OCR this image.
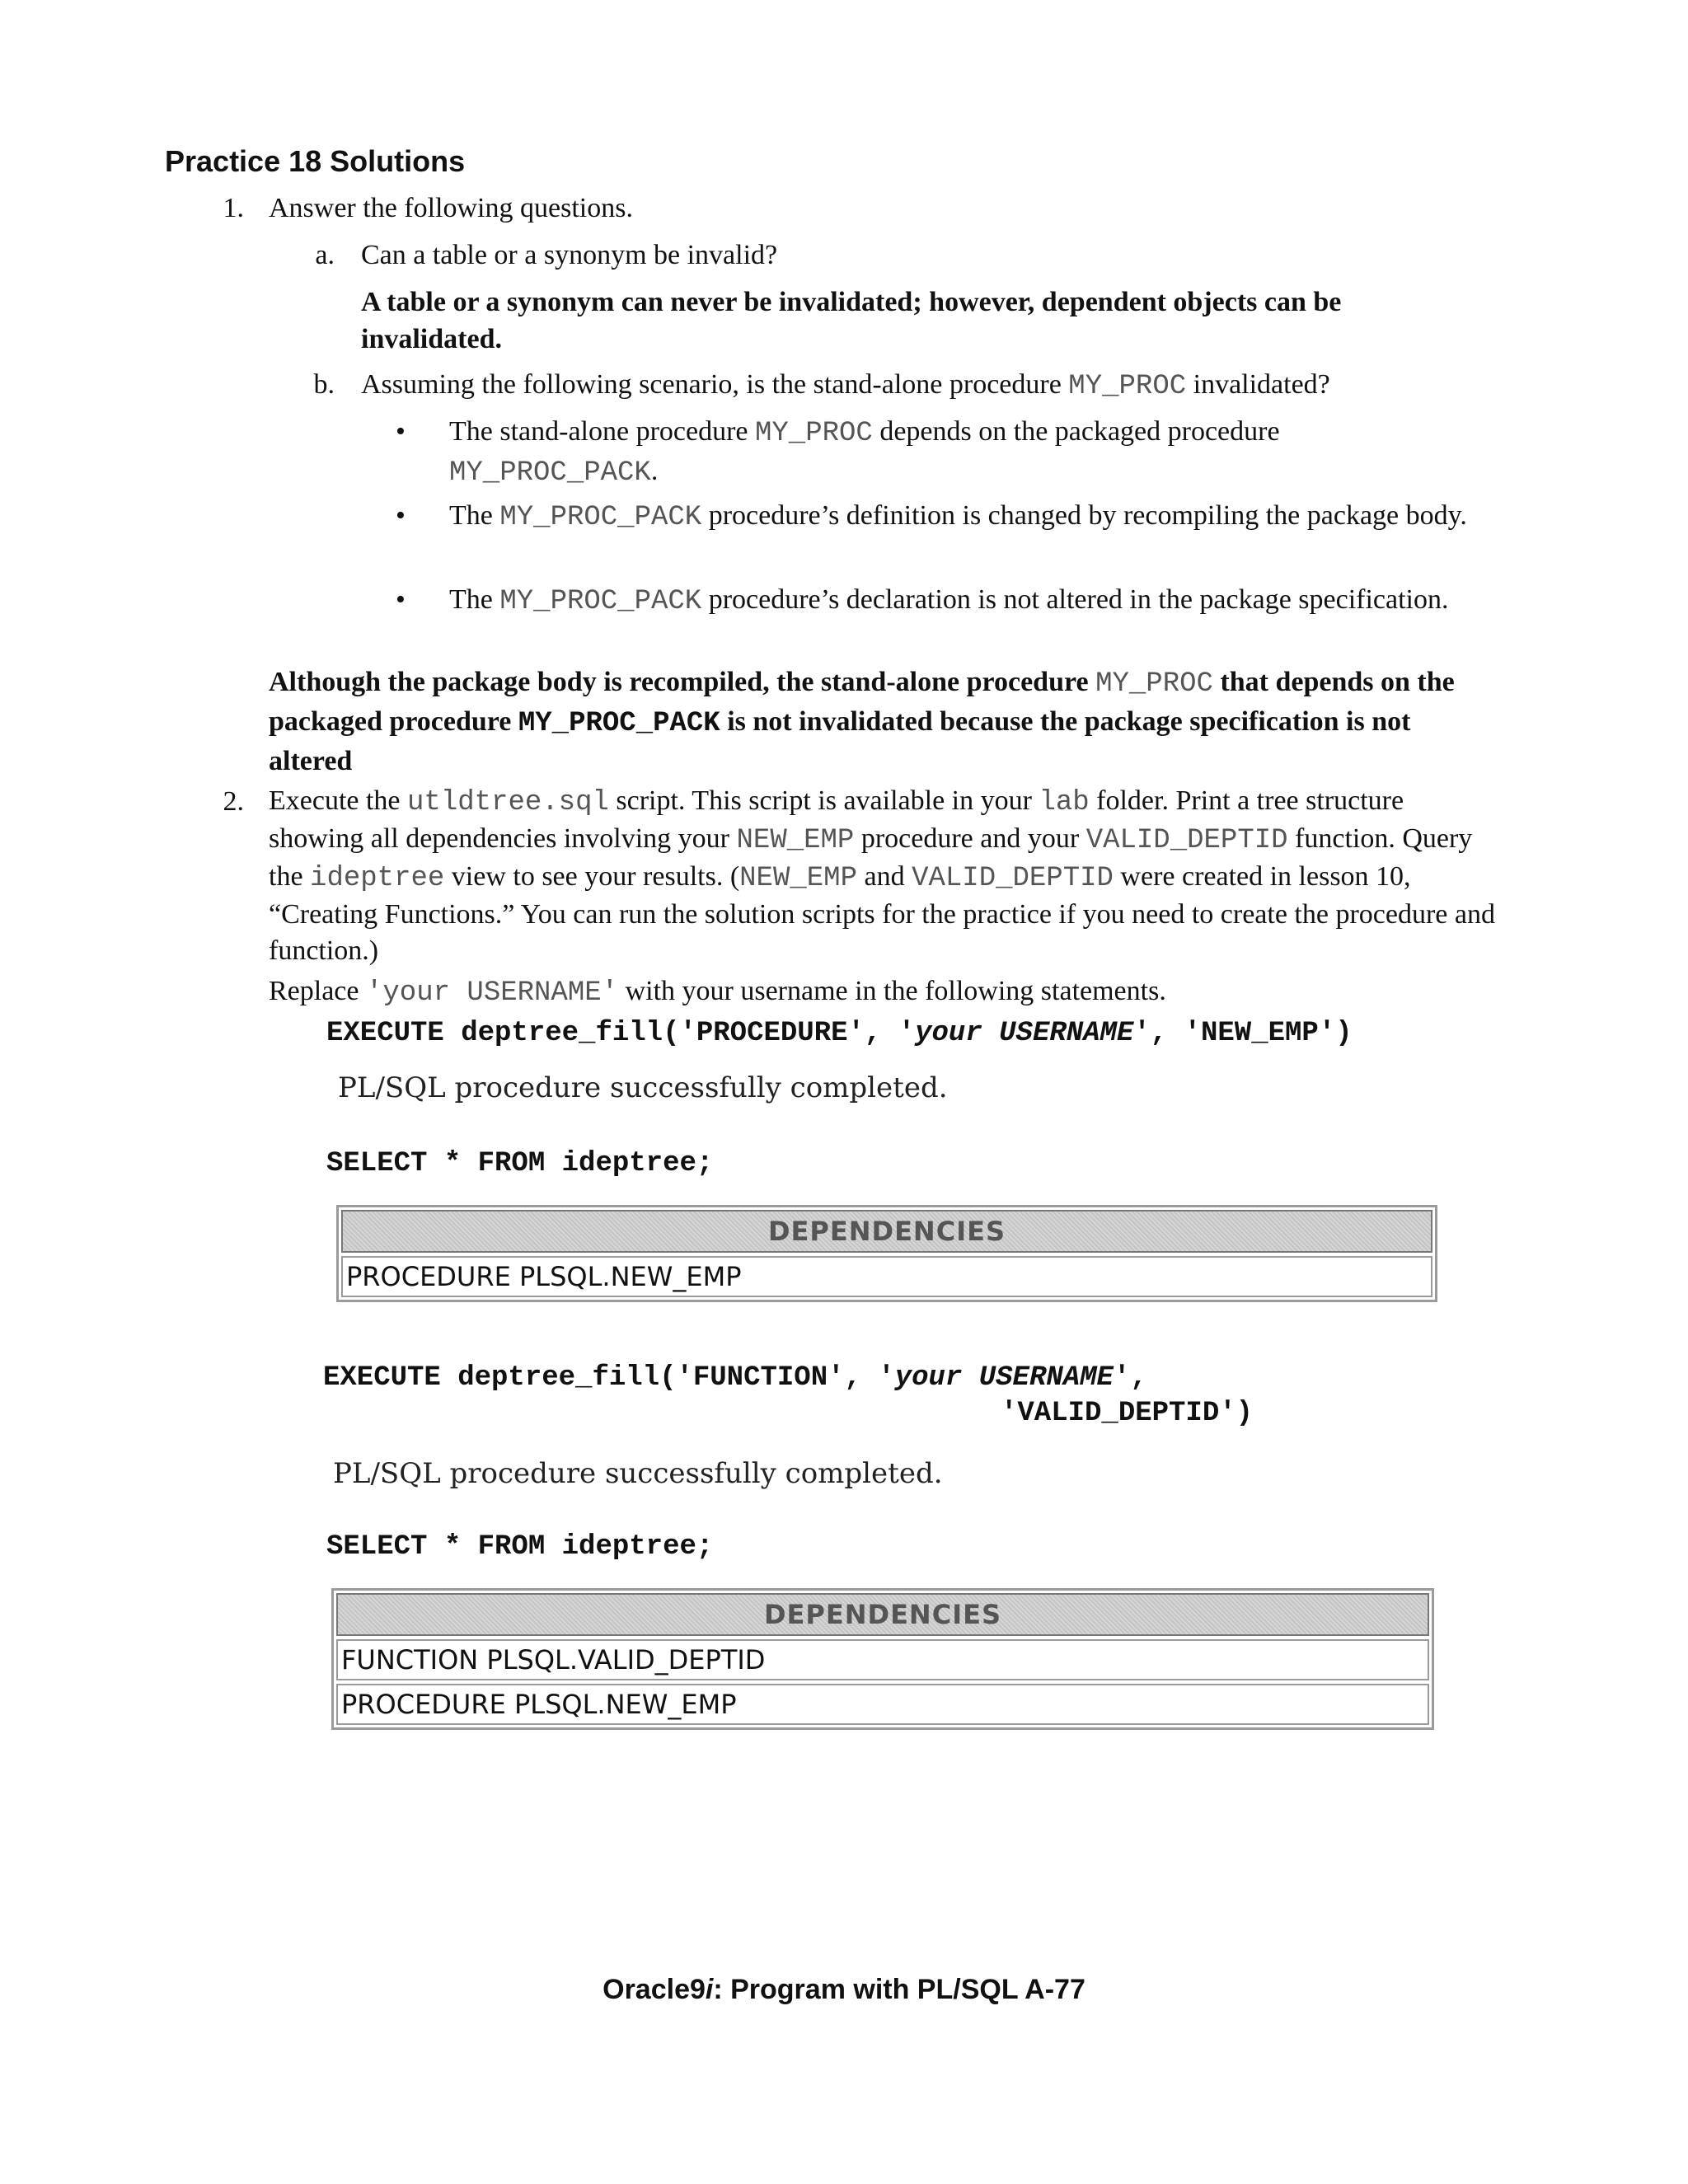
Practice 18 Solutions
1. Answer the following questions.
a. Can a table or a synonym be invalid?
A table or a synonym can never be invalidated; however, dependent objects can be invalidated.
b. Assuming the following scenario, is the stand-alone procedure MY_PROC invalidated?
• The stand-alone procedure MY_PROC depends on the packaged procedure MY_PROC_PACK.
• The MY_PROC_PACK procedure’s definition is changed by recompiling the package body.
• The MY_PROC_PACK procedure’s declaration is not altered in the package specification.
Although the package body is recompiled, the stand-alone procedure MY_PROC that depends on the packaged procedure MY_PROC_PACK is not invalidated because the package specification is not altered
2. Execute the utldtree.sql script. This script is available in your lab folder. Print a tree structure showing all dependencies involving your NEW_EMP procedure and your VALID_DEPTID function. Query the ideptree view to see your results. (NEW_EMP and VALID_DEPTID were created in lesson 10, “Creating Functions.” You can run the solution scripts for the practice if you need to create the procedure and function.)
Replace 'your USERNAME' with your username in the following statements.
EXECUTE deptree_fill('PROCEDURE', 'your USERNAME', 'NEW_EMP')
PL/SQL procedure successfully completed.
SELECT * FROM ideptree;
DEPENDENCIES
PROCEDURE PLSQL.NEW_EMP
EXECUTE deptree_fill('FUNCTION', 'your USERNAME',
'VALID_DEPTID')
PL/SQL procedure successfully completed.
SELECT * FROM ideptree;
DEPENDENCIES
FUNCTION PLSQL.VALID_DEPTID
PROCEDURE PLSQL.NEW_EMP
Oracle9i: Program with PL/SQL A-77
